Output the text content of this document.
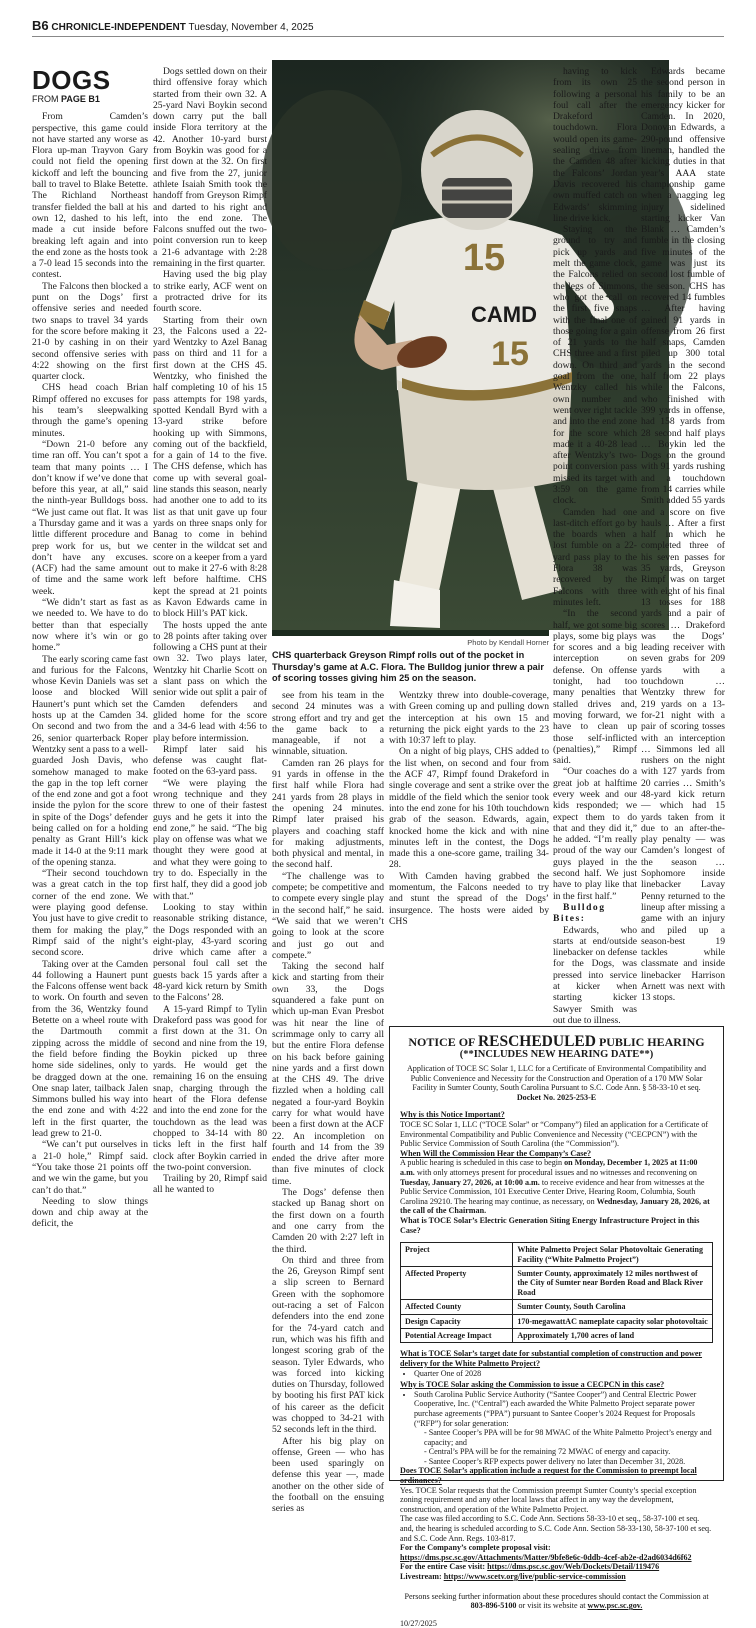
B6 CHRONICLE-INDEPENDENT Tuesday, November 4, 2025
DOGS
FROM PAGE B1

From Camden’s perspective, this game could not have started any worse as Flora up-man Trayvon Gary could not field the opening kickoff and left the bouncing ball to travel to Blake Betette. The Richland Northeast transfer fielded the ball at his own 12, dashed to his left, made a cut inside before breaking left again and into the end zone as the hosts took a 7-0 lead 15 seconds into the contest.

The Falcons then blocked a punt on the Dogs’ first offensive series and needed two snaps to travel 34 yards for the score before making it 21-0 by cashing in on their second offensive series with 4:22 showing on the first quarter clock.

CHS head coach Brian Rimpf offered no excuses for his team’s sleepwalking through the game’s opening minutes.

“Down 21-0 before any time ran off. You can’t spot a team that many points … I don’t know if we’ve done that before this year, at all,” said the ninth-year Bulldogs boss. “We just came out flat. It was a Thursday game and it was a little different procedure and prep work for us, but we don’t have any excuses. (ACF) had the same amount of time and the same work week.

“We didn’t start as fast as we needed to. We have to do better than that especially now where it’s win or go home.”

The early scoring came fast and furious for the Falcons, whose Kevin Daniels was set loose and blocked Will Haunert’s punt which set the hosts up at the Camden 34. On second and two from the 26, senior quarterback Roper Wentzky sent a pass to a well-guarded Josh Davis, who somehow managed to make the gap in the top left corner of the end zone and got a foot inside the pylon for the score in spite of the Dogs’ defender being called on for a holding penalty as Grant Hill’s kick made it 14-0 at the 9:11 mark of the opening stanza.

“Their second touchdown was a great catch in the top corner of the end zone. We were playing good defense. You just have to give credit to them for making the play,” Rimpf said of the night’s second score.

Taking over at the Camden 44 following a Haunert punt the Falcons offense went back to work. On fourth and seven from the 36, Wentzky found Betette on a wheel route with the Dartmouth commit zipping across the middle of the field before finding the home side sidelines, only to be dragged down at the one. One snap later, tailback Jalen Simmons bulled his way into the end zone and with 4:22 left in the first quarter, the lead grew to 21-0.

“We can’t put ourselves in a 21-0 hole,” Rimpf said. “You take those 21 points off and we win the game, but you can’t do that.”

Needing to slow things down and chip away at the deficit, the

15
CAMD
15
Photo by Kendall Horner
CHS quarterback Greyson Rimpf rolls out of the pocket in Thursday’s game at A.C. Flora. The Bulldog junior threw a pair of scoring tosses giving him 25 on the season.

Dogs settled down on their third offensive foray which started from their own 32. A 25-yard Navi Boykin second down carry put the ball inside Flora territory at the 42. Another 10-yard burst from Boykin was good for a first down at the 32. On first and five from the 27, junior athlete Isaiah Smith took the handoff from Greyson Rimpf and darted to his right and into the end zone. The Falcons snuffed out the two-point conversion run to keep a 21-6 advantage with 2:28 remaining in the first quarter.

Having used the big play to strike early, ACF went on a protracted drive for its fourth score.

Starting from their own 23, the Falcons used a 22-yard Wentzky to Azel Banag pass on third and 11 for a first down at the CHS 45. Wentzky, who finished the half completing 10 of his 15 pass attempts for 198 yards, spotted Kendall Byrd with a 13-yard strike before hooking up with Simmons, coming out of the backfield, for a gain of 14 to the five. The CHS defense, which has come up with several goal-line stands this season, nearly had another one to add to its list as that unit gave up four yards on three snaps only for Banag to come in behind center in the wildcat set and score on a keeper from a yard out to make it 27-6 with 8:28 left before halftime. CHS kept the spread at 21 points as Kavon Edwards came in to block Hill’s PAT kick.

The hosts upped the ante to 28 points after taking over following a CHS punt at their own 32. Two plays later, Wentzky hit Charlie Scott on a slant pass on which the senior wide out split a pair of Camden defenders and glided home for the score and a 34-6 lead with 4:56 to play before intermission.

Rimpf later said his defense was caught flat-footed on the 63-yard pass.

“We were playing the wrong technique and they threw to one of their fastest guys and he gets it into the end zone,” he said. “The big play on offense was what we thought they were good at and what they were going to try to do. Especially in the first half, they did a good job with that.”

Looking to stay within reasonable striking distance, the Dogs responded with an eight-play, 43-yard scoring drive which came after a personal foul call set the guests back 15 yards after a 48-yard kick return by Smith to the Falcons’ 28.

A 15-yard Rimpf to Tylin Drakeford pass was good for a first down at the 31. On second and nine from the 19, Boykin picked up three yards. He would get the remaining 16 on the ensuing snap, charging through the heart of the Flora defense and into the end zone for the touchdown as the lead was chopped to 34-14 with 80 ticks left in the first half clock after Boykin carried in the two-point conversion.

Trailing by 20, Rimpf said all he wanted to

see from his team in the second 24 minutes was a strong effort and try and get the game back to a manageable, if not a winnable, situation.

Camden ran 26 plays for 91 yards in offense in the first half while Flora had 241 yards from 28 plays in the opening 24 minutes. Rimpf later praised his players and coaching staff for making adjustments, both physical and mental, in the second half.

“The challenge was to compete; be competitive and to compete every single play in the second half,” he said. “We said that we weren’t going to look at the score and just go out and compete.”

Taking the second half kick and starting from their own 33, the Dogs squandered a fake punt on which up-man Evan Presbot was hit near the line of scrimmage only to carry all but the entire Flora defense on his back before gaining nine yards and a first down at the CHS 49. The drive fizzled when a holding call negated a four-yard Boykin carry for what would have been a first down at the ACF 22. An incompletion on fourth and 14 from the 39 ended the drive after more than five minutes of clock time.

The Dogs’ defense then stacked up Banag short on the first down on a fourth and one carry from the Camden 20 with 2:27 left in the third.

On third and three from the 26, Greyson Rimpf sent a slip screen to Bernard Green with the sophomore out-racing a set of Falcon defenders into the end zone for the 74-yard catch and run, which was his fifth and longest scoring grab of the season. Tyler Edwards, who was forced into kicking duties on Thursday, followed by booting his first PAT kick of his career as the deficit was chopped to 34-21 with 52 seconds left in the third.

After his big play on offense, Green — who has been used sparingly on defense this year —, made another on the other side of the football on the ensuing series as

Wentzky threw into double-coverage, with Green coming up and pulling down the interception at his own 15 and returning the pick eight yards to the 23 with 10:37 left to play.

On a night of big plays, CHS added to the list when, on second and four from the ACF 47, Rimpf found Drakeford in single coverage and sent a strike over the middle of the field which the senior took into the end zone for his 10th touchdown grab of the season. Edwards, again, knocked home the kick and with nine minutes left in the contest, the Dogs made this a one-score game, trailing 34-28.

With Camden having grabbed the momentum, the Falcons needed to try and stunt the spread of the Dogs’ insurgence. The hosts were aided by CHS

having to kick from its own 25 following a personal foul call after the Drakeford touchdown. Flora would open its game-sealing drive from the Camden 48 after the Falcons’ Jordan Davis recovered his own muffed catch on Edwards’ skimming line drive kick.

Staying on the ground to try and pick up yards and melt the game clock, the Falcons relied on the legs of Simmons, who got the call on the first five snaps with the final one of those going for a gain of 21 yards to the CHS three and a first down. On third and goal from the one, Wentzky called his own number and went over right tackle and into the end zone for the score which made it a 40-28 lead after Wentzky’s two-point conversion pass missed its target with 3:59 on the game clock.

Camden had one last-ditch effort go by the boards when a lost fumble on a 22-yard pass play to the Flora 38 was recovered by the Falcons with three minutes left.

“In the second half, we got some big plays, some big plays for scores and a big interception on defense. On offense tonight, had too many penalties that stalled drives and, moving forward, we have to clean up those self-inflicted (penalties),” Rimpf said.

“Our coaches do a great job at halftime every week and our kids responded; we expect them to do that and they did it,” he added. “I’m really proud of the way our guys played in the second half. We just have to play like that in the first half.”

Bulldog Bites:

Edwards, who starts at end/outside linebacker on defense for the Dogs, was pressed into service at kicker when starting kicker Sawyer Smith was out due to illness.

Edwards became the second person in his family to be an emergency kicker for Camden. In 2020, Donovan Edwards, a 290-pound offensive lineman, handled the kicking duties in that year’s AAA state championship game when a nagging leg injury sidelined starting kicker Van Blank … Camden’s fumble in the closing five minutes of the game was just its second lost fumble of the season. CHS has recovered 14 fumbles … After having gained 91 yards in offense from 26 first half snaps, Camden piled up 300 total yards in the second half from 22 plays while the Falcons, who finished with 399 yards in offense, had 158 yards from 28 second half plays … Boykin led the Dogs on the ground with 91 yards rushing and a touchdown from 14 carries while Smith added 55 yards and a score on five hauls … After a first half in which he completed three of his seven passes for 35 yards, Greyson Rimpf was on target with eight of his final 13 tosses for 188 yards and a pair of scores … Drakeford was the Dogs’ leading receiver with seven grabs for 209 yards with a touchdown … Wentzky threw for 219 yards on a 13-for-21 night with a pair of scoring tosses with an interception … Simmons led all rushers on the night with 127 yards from 20 carries … Smith’s 48-yard kick return — which had 15 yards taken from it due to an after-the-play penalty — was Camden’s longest of the season … Sophomore inside linebacker Lavay Penny returned to the lineup after missing a game with an injury and piled up a season-best 19 tackles while classmate and inside linebacker Harrison Arnett was next with 13 stops.

NOTICE OF RESCHEDULED PUBLIC HEARING
(**INCLUDES NEW HEARING DATE**)
Application of TOCE SC Solar 1, LLC for a Certificate of Environmental Compatibility and Public Convenience and Necessity for the Construction and Operation of a 170 MW Solar Facility in Sumter County, South Carolina Pursuant to S.C. Code Ann. § 58-33-10 et seq.
Docket No. 2025-253-E

Why is this Notice Important?

TOCE SC Solar 1, LLC (“TOCE Solar” or “Company”) filed an application for a Certificate of Environmental Compatibility and Public Convenience and Necessity (“CECPCN”) with the Public Service Commission of South Carolina (the “Commission”).

When Will the Commission Hear the Company’s Case?

A public hearing is scheduled in this case to begin on Monday, December 1, 2025 at 11:00 a.m. with only attorneys present for procedural issues and no witnesses and reconvening on Tuesday, January 27, 2026, at 10:00 a.m. to receive evidence and hear from witnesses at the Public Service Commission, 101 Executive Center Drive, Hearing Room, Columbia, South Carolina 29210. The hearing may continue, as necessary, on Wednesday, January 28, 2026, at the call of the Chairman.

What is TOCE Solar’s Electric Generation Siting Energy Infrastructure Project in this Case?

Project	White Palmetto Project Solar Photovoltaic Generating Facility (“White Palmetto Project”)
Affected Property	Sumter County, approximately 12 miles northwest of the City of Sumter near Borden Road and Black River Road
Affected County	Sumter County, South Carolina
Design Capacity	170-megawattAC nameplate capacity solar photovoltaic
Potential Acreage Impact	Approximately 1,700 acres of land

What is TOCE Solar’s target date for substantial completion of construction and power delivery for the White Palmetto Project?

• Quarter One of 2028

Why is TOCE Solar asking the Commission to issue a CECPCN in this case?

• South Carolina Public Service Authority (“Santee Cooper”) and Central Electric Power Cooperative, Inc. (“Central”) each awarded the White Palmetto Project separate power purchase agreements (“PPA”) pursuant to Santee Cooper’s 2024 Request for Proposals (“RFP”) for solar generation:
- Santee Cooper’s PPA will be for 98 MWAC of the White Palmetto Project’s energy and capacity; and
- Central’s PPA will be for the remaining 72 MWAC of energy and capacity.
- Santee Cooper’s RFP expects power delivery no later than December 31, 2028.

Does TOCE Solar’s application include a request for the Commission to preempt local ordinances?

Yes. TOCE Solar requests that the Commission preempt Sumter County’s special exception zoning requirement and any other local laws that affect in any way the development, construction, and operation of the White Palmetto Project.

The case was filed according to S.C. Code Ann. Sections 58-33-10 et seq., 58-37-100 et seq. and, the hearing is scheduled according to S.C. Code Ann. Section 58-33-130, 58-37-100 et seq. and S.C. Code Ann. Regs. 103-817.

For the Company’s complete proposal visit: https://dms.psc.sc.gov/Attachments/Matter/9bfe8e6c-0ddb-4cef-ab2e-d2ad6034d6f62

For the entire Case visit: https://dms.psc.sc.gov/Web/Dockets/Detail/119476

Livestream: https://www.scetv.org/live/public-service-commission

Persons seeking further information about these procedures should contact the Commission at 803-896-5100 or visit its website at www.psc.sc.gov.

10/27/2025
